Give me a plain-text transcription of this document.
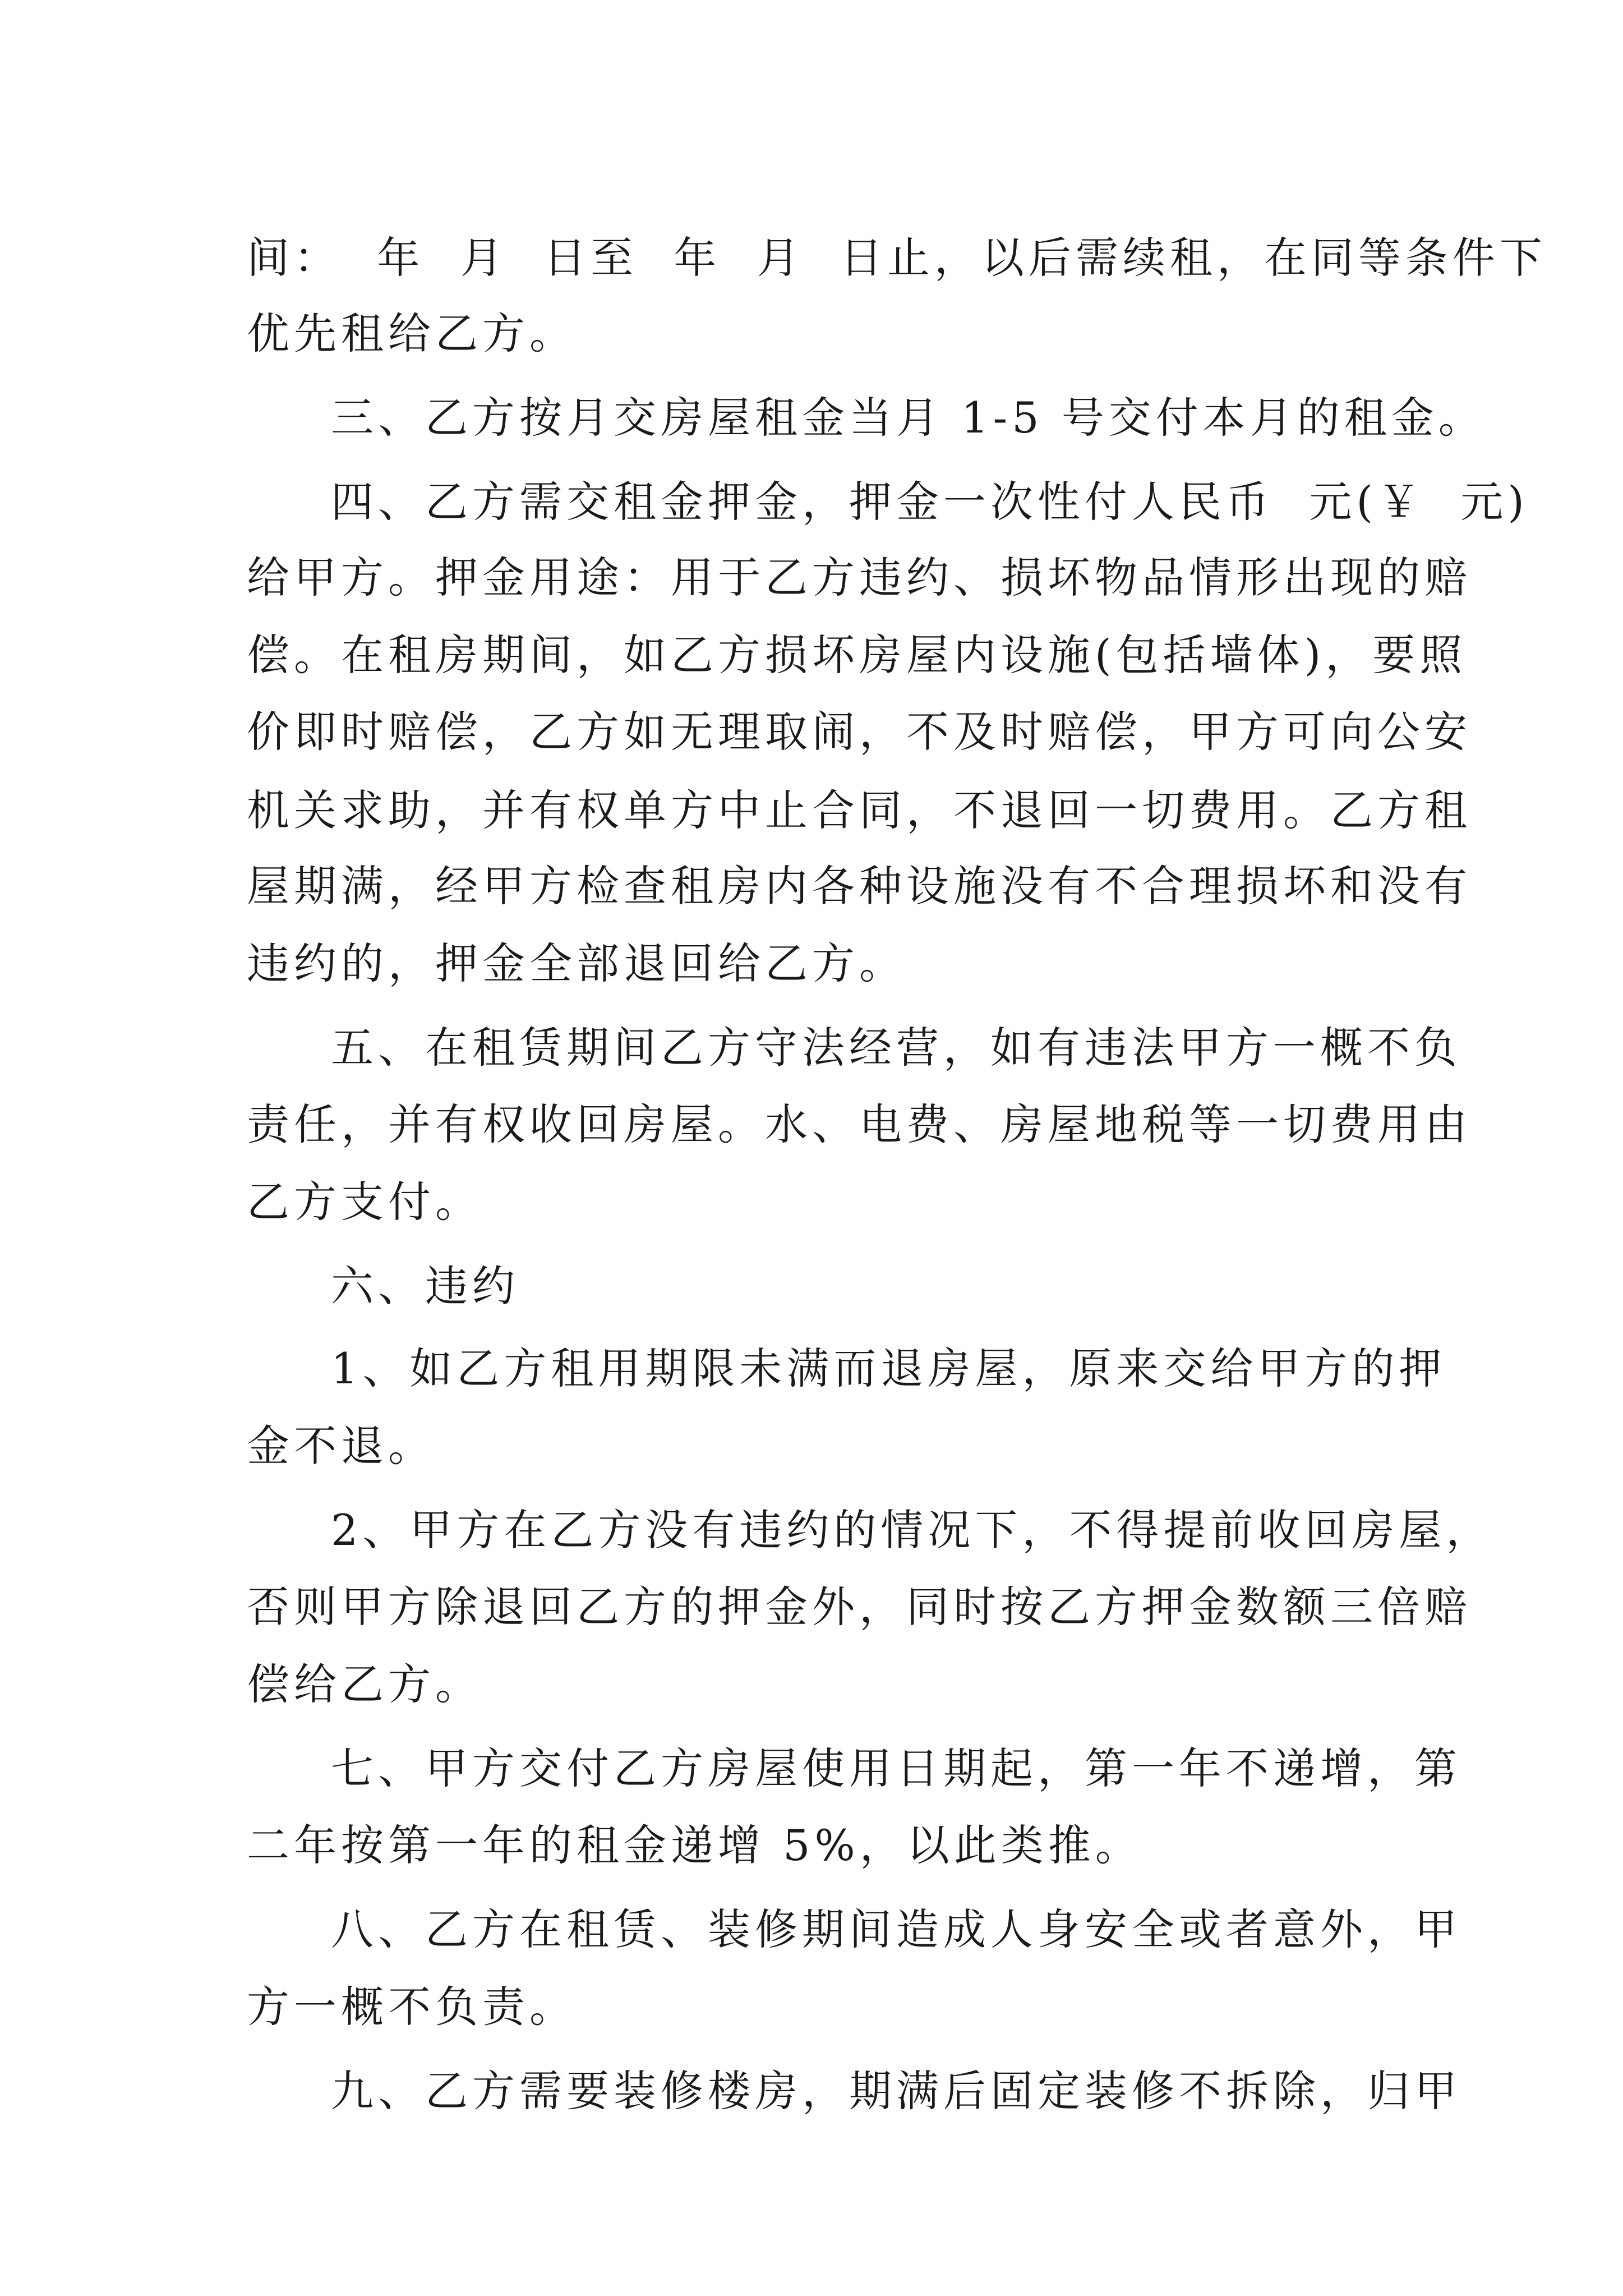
间：  年  月  日至  年  月  日止，以后需续租，在同等条件下
优先租给乙方。
三、乙方按月交房屋租金当月 1-5 号交付本月的租金。
四、乙方需交租金押金，押金一次性付人民币  元(￥  元)
给甲方。押金用途：用于乙方违约、损坏物品情形出现的赔
偿。在租房期间，如乙方损坏房屋内设施(包括墙体)，要照
价即时赔偿，乙方如无理取闹，不及时赔偿，甲方可向公安
机关求助，并有权单方中止合同，不退回一切费用。乙方租
屋期满，经甲方检查租房内各种设施没有不合理损坏和没有
违约的，押金全部退回给乙方。
五、在租赁期间乙方守法经营，如有违法甲方一概不负
责任，并有权收回房屋。水、电费、房屋地税等一切费用由
乙方支付。
六、违约
1、如乙方租用期限未满而退房屋，原来交给甲方的押
金不退。
2、甲方在乙方没有违约的情况下，不得提前收回房屋，
否则甲方除退回乙方的押金外，同时按乙方押金数额三倍赔
偿给乙方。
七、甲方交付乙方房屋使用日期起，第一年不递增，第
二年按第一年的租金递增 5%，以此类推。
八、乙方在租赁、装修期间造成人身安全或者意外，甲
方一概不负责。
九、乙方需要装修楼房，期满后固定装修不拆除，归甲
